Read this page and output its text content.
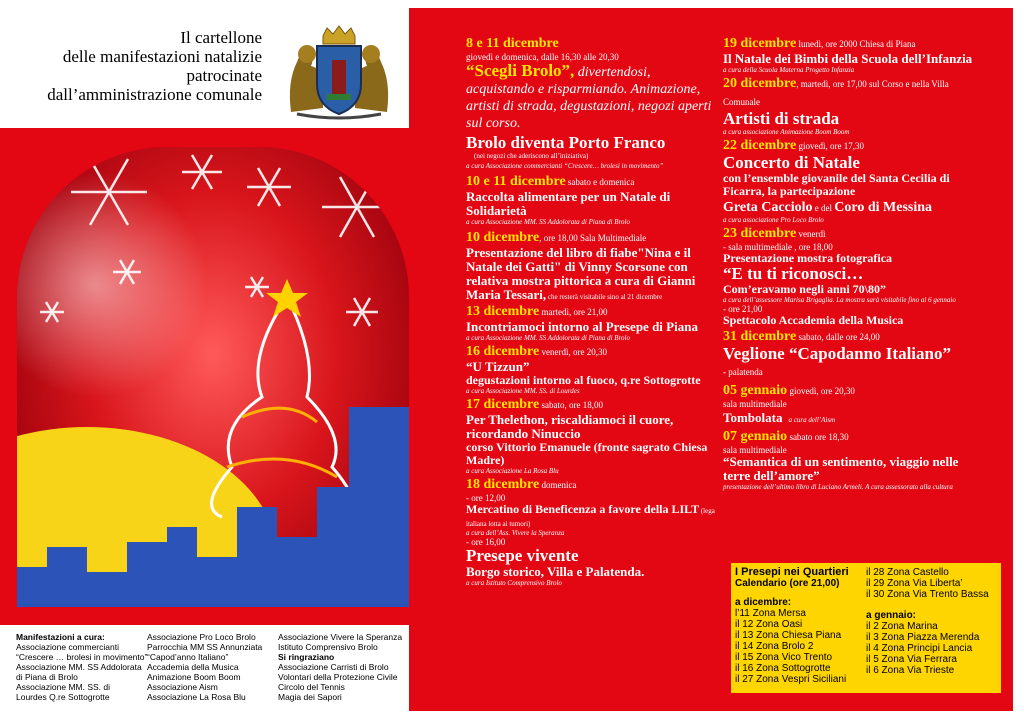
Il cartellone
delle manifestazioni natalizie
patrocinate
dall’amministrazione comunale

8 e 11 dicembre

giovedì e domenica, dalle 16,30 alle 20,30

“Scegli Brolo”, divertendosi, acquistando e risparmiando. Animazione, artisti di strada, degustazioni, negozi aperti sul corso.

Brolo diventa Porto Franco

(nei negozi che aderiscono all’iniziativa)

a cura Associazione commercianti “Crescere… brolesi in movimento”

10 e 11 dicembre sabato e domenica

Raccolta alimentare per un Natale di Solidarietà

a cura Associazione MM. SS Addolorata di Piana di Brolo

10 dicembre, ore 18,00 Sala Multimediale

Presentazione del libro di fiabe"Nina e il Natale dei Gatti" di Vinny Scorsone con relativa mostra pittorica a cura di Gianni Maria Tessari, che resterà visitabile sino al 21 dicembre

13 dicembre martedì, ore 21,00

Incontriamoci intorno al Presepe di Piana

a cura Associazione MM. SS Addolorata di Piana di Brolo

16 dicembre venerdì, ore 20,30

“U Tizzun”

degustazioni intorno al fuoco, q.re Sottogrotte

a cura Associazione MM. SS. di Lourdes

17 dicembre sabato, ore 18,00

Per Thelethon, riscaldiamoci il cuore, ricordando Ninuccio

corso Vittorio Emanuele (fronte sagrato Chiesa Madre)

a cura Associazione La Rosa Blu

18 dicembre domenica

- ore 12,00

Mercatino di Beneficenza a favore della LILT (lega italiana lotta ai tumori)

a cura dell’Ass. Vivere la Speranza

- ore 16,00

Presepe vivente

Borgo storico, Villa e Palatenda.

a cura Istituto Comprensivo Brolo

19 dicembre lunedì, ore 2000 Chiesa di Piana

Il Natale dei Bimbi della Scuola dell’Infanzia

a cura della Scuola Materna Progetto Infanzia

20 dicembre, martedì, ore 17,00 sul Corso e nella Villa Comunale

Artisti di strada

a cura associazione Animazione Boom Boom

22 dicembre giovedì, ore 17,30

Concerto di Natale

con l’ensemble giovanile del Santa Cecilia di Ficarra, la partecipazione

Greta Cacciolo e del Coro di Messina

a cura associazione Pro Loco Brolo

23 dicembre venerdì

- sala multimediale , ore 18,00

Presentazione mostra fotografica

“E tu ti riconosci…

Com’eravamo negli anni 70\80”

a cura dell’assessore Marisa Brigaglia. La mostra sarà visitabile fino al 6 gennaio

- ore 21,00

Spettacolo Accademia della Musica

31 dicembre sabato, dalle ore 24,00

Veglione “Capodanno Italiano”

- palatenda

05 gennaio giovedì, ore 20,30

sala multimediale

Tombolata a cura dell’Aism

07 gennaio sabato ore 18,30

sala multimediale

“Semantica di un sentimento, viaggio nelle terre dell’amore”

presentazione dell’ultimo libro di Luciano Armeli. A cura assessorato alla cultura

I Presepi nei Quartieri
Calendario (ore 21,00)
a dicembre:
l’11 Zona Mersa
il 12 Zona Oasi
il 13 Zona Chiesa Piana
il 14 Zona Brolo 2
il 15 Zona Vico Trento
il 16 Zona Sottogrotte
il 27 Zona Vespri Siciliani
il 28 Zona Castello
il 29 Zona Via Liberta’
il 30 Zona Via Trento Bassa
a gennaio:
il 2 Zona Marina
il 3 Zona Piazza Merenda
il 4 Zona Principi Lancia
il 5 Zona Via Ferrara
il 6 Zona Via Trieste
Manifestazioni a cura:
Associazione commercianti
“Crescere … brolesi in movimento”
Associazione MM. SS Addolorata
di Piana di Brolo
Associazione MM. SS. di
Lourdes Q.re Sottogrotte
Associazione Pro Loco Brolo
Parrocchia MM SS Annunziata
“Capod’anno Italiano”
Accademia della Musica
Animazione Boom Boom
Associazione Aism
Associazione La Rosa Blu
Associazione Vivere la Speranza
Istituto Comprensivo Brolo
Si ringraziano
Associazione Carristi di Brolo
Volontari della Protezione Civile
Circolo del Tennis
Magia dei Sapori
